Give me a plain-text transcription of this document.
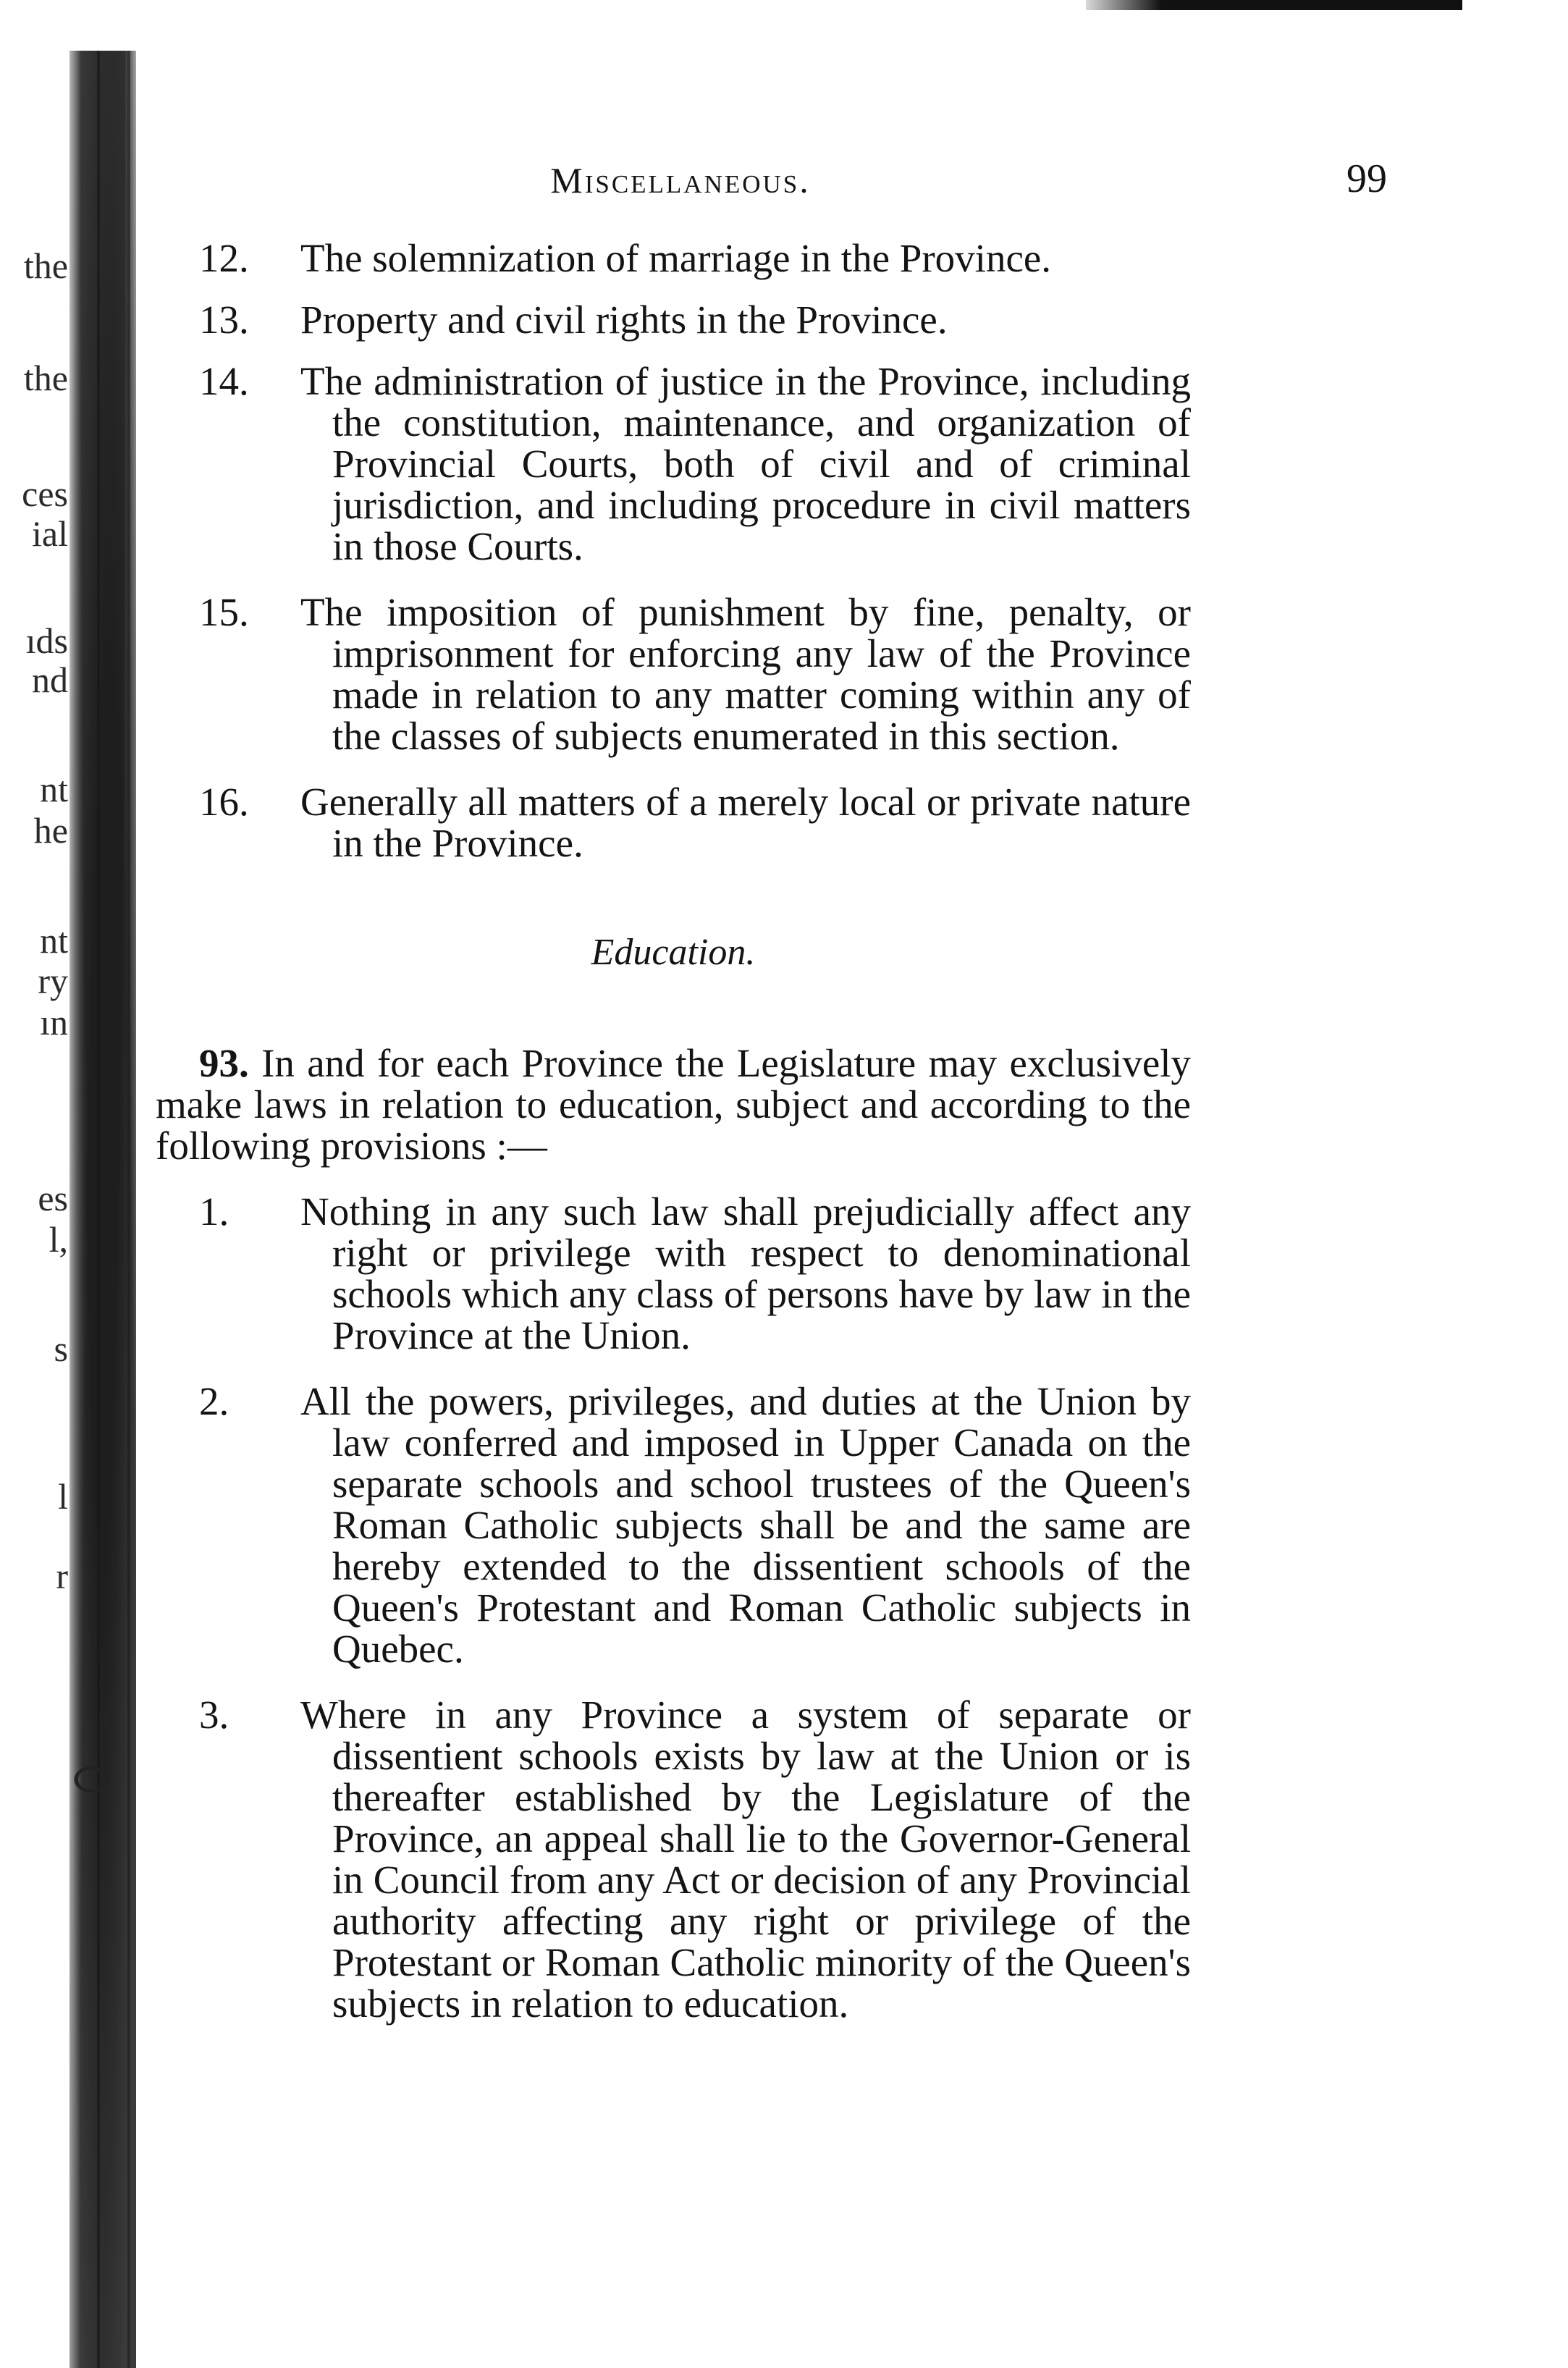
the
the
ces
ial
ıds
nd
nt
he
nt
ry
ın
es
l,
s
l
r
Miscellaneous.	99
12.	The solemnization of marriage in the Province.
13.	Property and civil rights in the Province.
14.	The administration of justice in the Province, including the constitution, maintenance, and organization of Provincial Courts, both of civil and of criminal jurisdiction, and including procedure in civil matters in those Courts.
15.	The imposition of punishment by fine, penalty, or imprisonment for enforcing any law of the Province made in relation to any matter coming within any of the classes of subjects enumerated in this section.
16.	Generally all matters of a merely local or private nature in the Province.
Education.
93. In and for each Province the Legislature may exclusively make laws in relation to education, subject and according to the following provisions :—
1.	Nothing in any such law shall prejudicially affect any right or privilege with respect to denominational schools which any class of persons have by law in the Province at the Union.
2.	All the powers, privileges, and duties at the Union by law conferred and imposed in Upper Canada on the separate schools and school trustees of the Queen's Roman Catholic subjects shall be and the same are hereby extended to the dissentient schools of the Queen's Protestant and Roman Catholic subjects in Quebec.
3.	Where in any Province a system of separate or dissentient schools exists by law at the Union or is thereafter established by the Legislature of the Province, an appeal shall lie to the Governor-General in Council from any Act or decision of any Provincial authority affecting any right or privilege of the Protestant or Roman Catholic minority of the Queen's subjects in relation to education.
